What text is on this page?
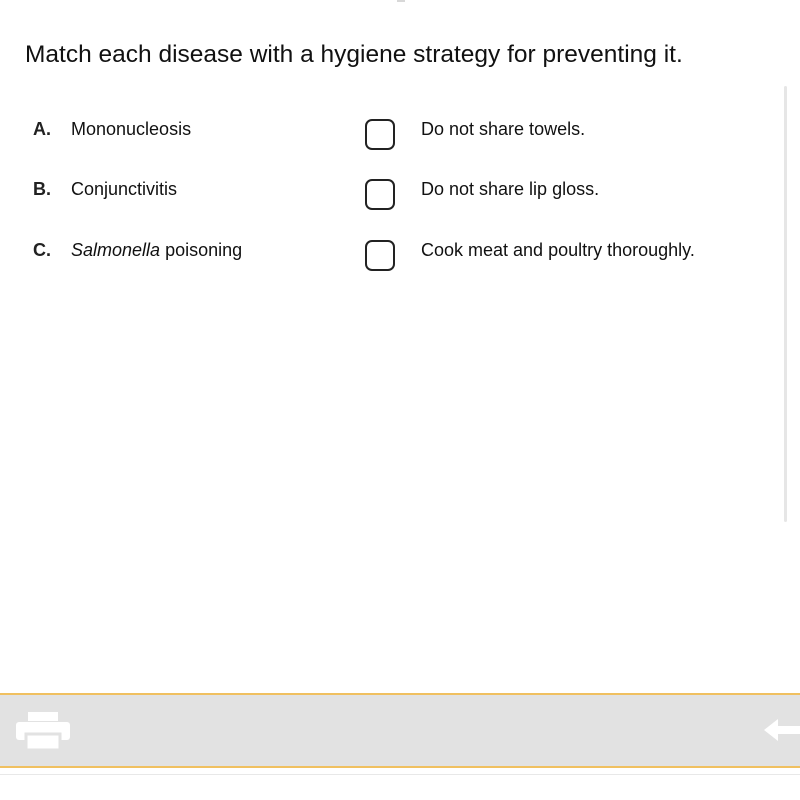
Match each disease with a hygiene strategy for preventing it.
A. Mononucleosis	Do not share towels.
B. Conjunctivitis	Do not share lip gloss.
C. Salmonella poisoning	Cook meat and poultry thoroughly.
